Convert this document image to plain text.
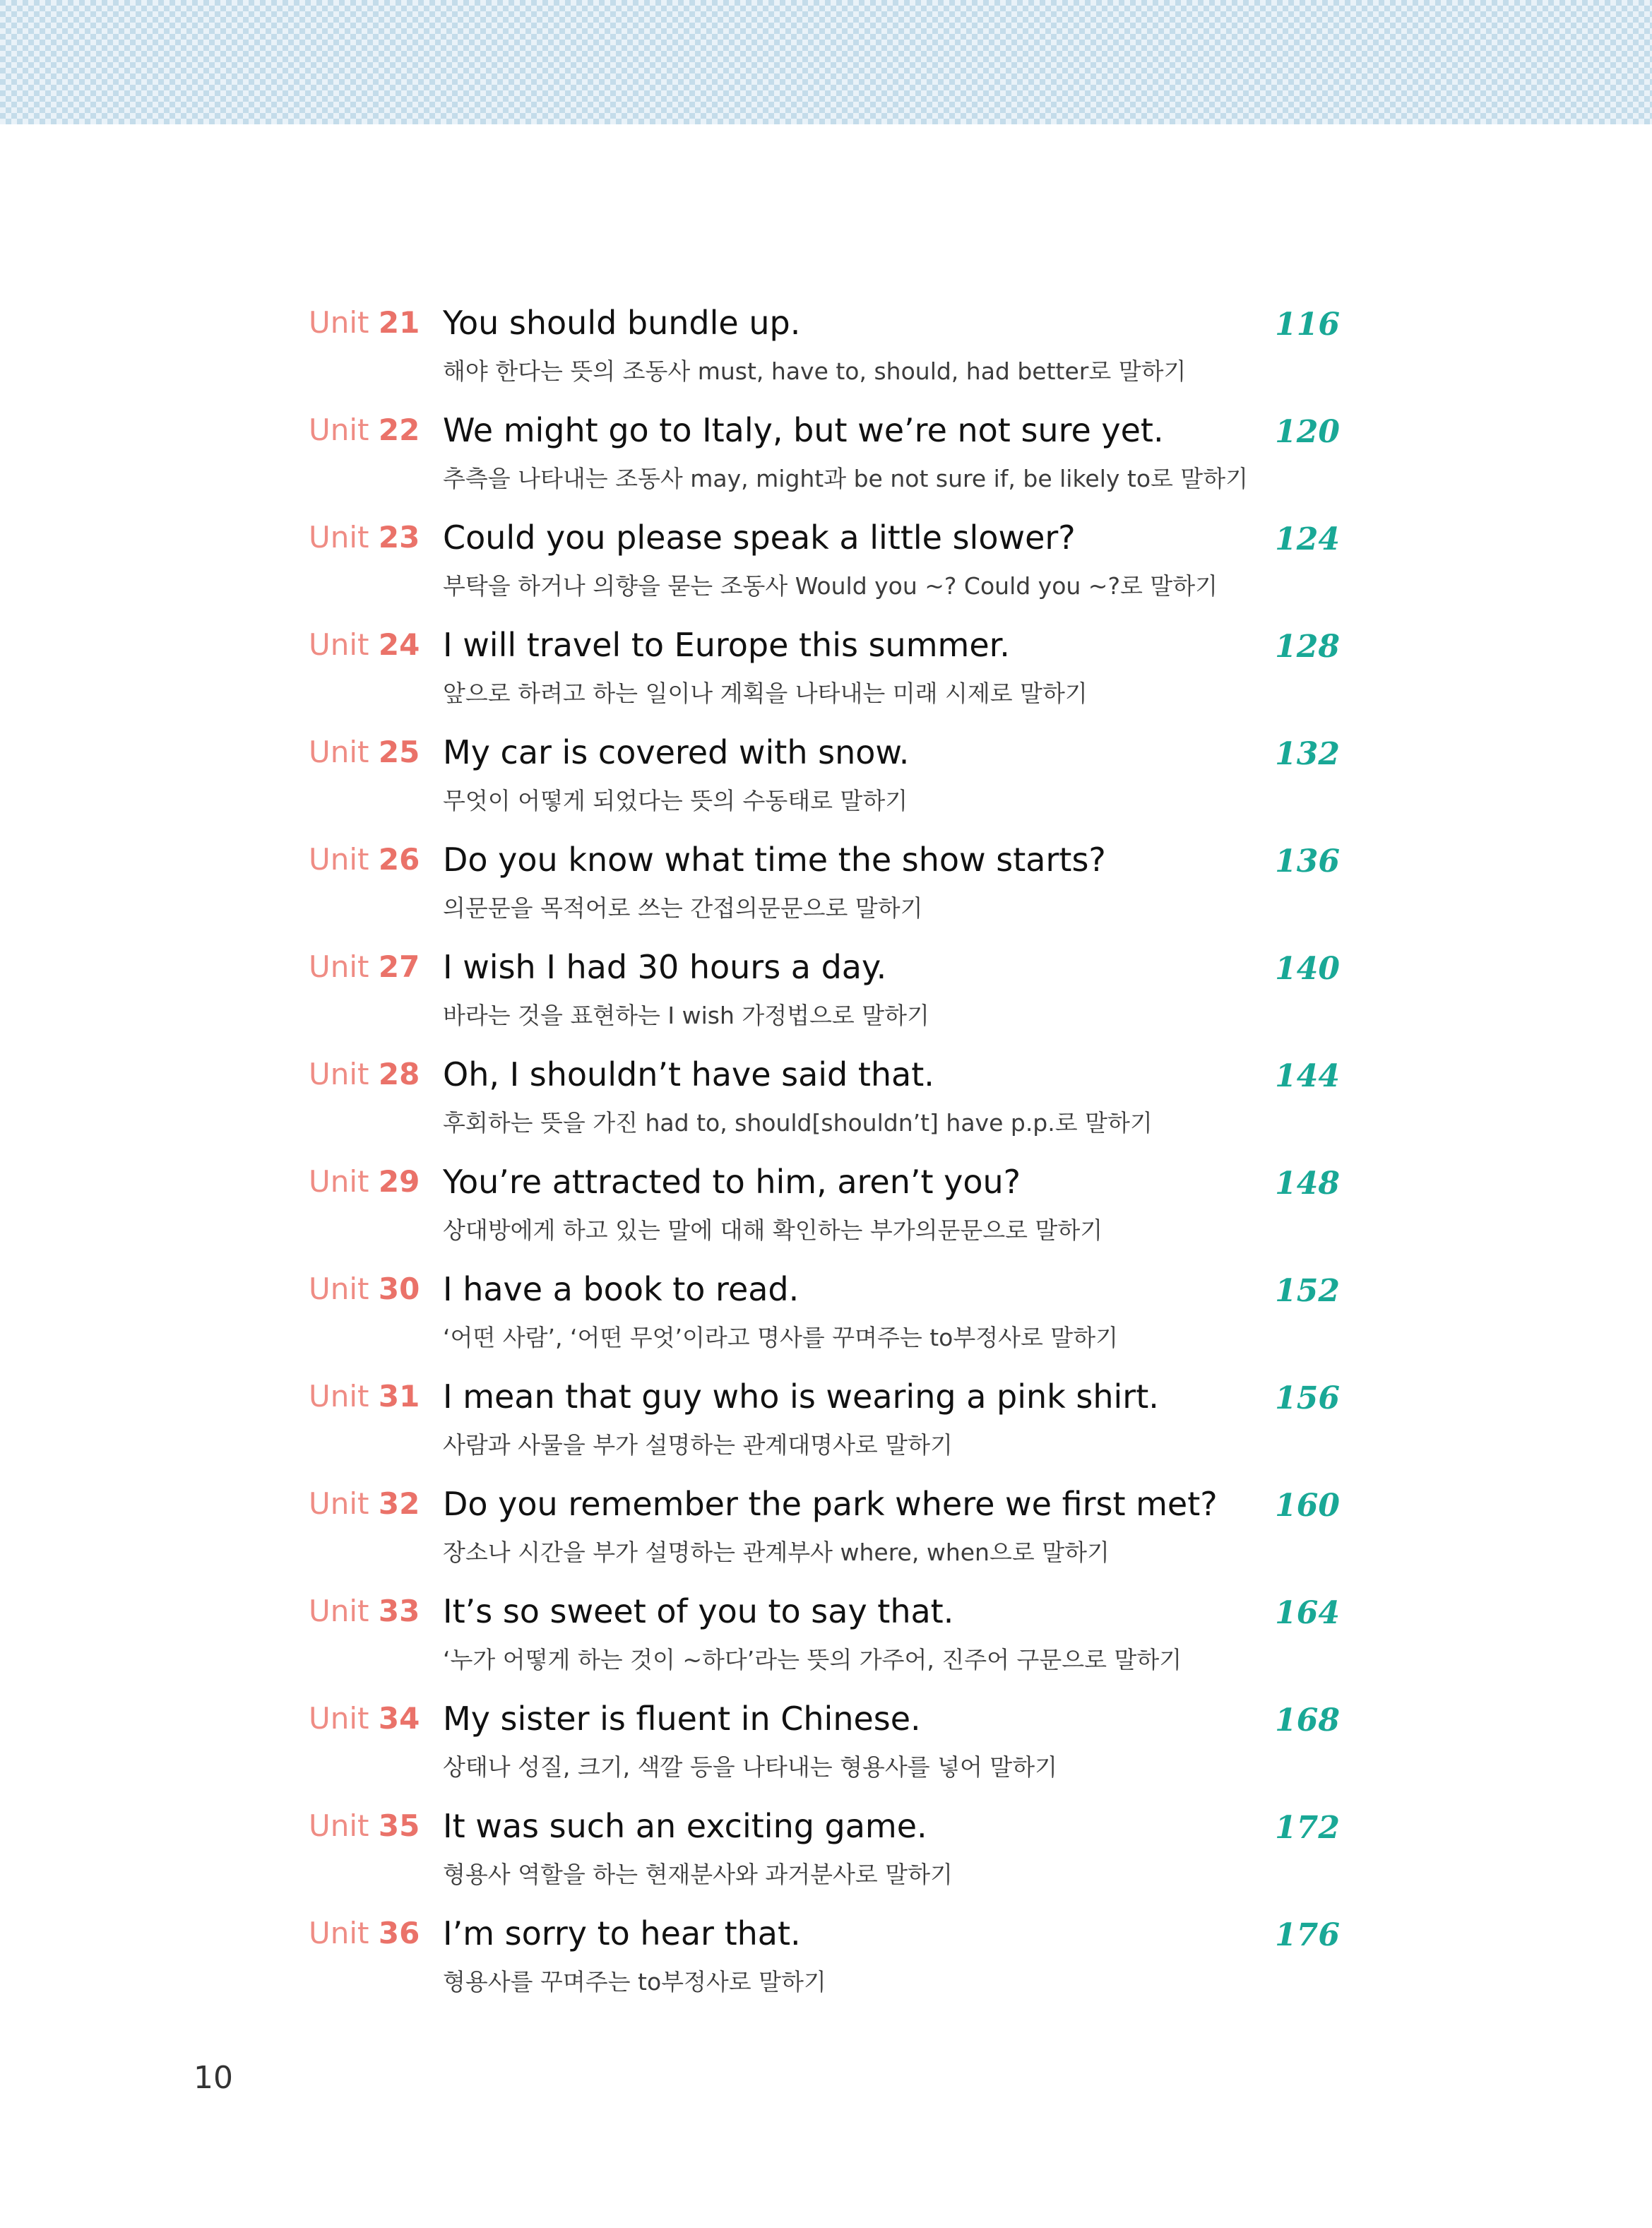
Unit 21 You should bundle up.
해야 한다는 뜻의 조동사 must, have to, should, had better로 말하기
116
Unit 22 We might go to Italy, but we’re not sure yet.
추측을 나타내는 조동사 may, might과 be not sure if, be likely to로 말하기
120
Unit 23 Could you please speak a little slower?
부탁을 하거나 의향을 묻는 조동사 Would you ~? Could you ~?로 말하기
124
Unit 24 I will travel to Europe this summer.
앞으로 하려고 하는 일이나 계획을 나타내는 미래 시제로 말하기
128
Unit 25 My car is covered with snow.
무엇이 어떻게 되었다는 뜻의 수동태로 말하기
132
Unit 26 Do you know what time the show starts?
의문문을 목적어로 쓰는 간접의문문으로 말하기
136
Unit 27 I wish I had 30 hours a day.
바라는 것을 표현하는 I wish 가정법으로 말하기
140
Unit 28 Oh, I shouldn’t have said that.
후회하는 뜻을 가진 had to, should[shouldn’t] have p.p.로 말하기
144
Unit 29 You’re attracted to him, aren’t you?
상대방에게 하고 있는 말에 대해 확인하는 부가의문문으로 말하기
148
Unit 30 I have a book to read.
‘어떤 사람’, ‘어떤 무엇’이라고 명사를 꾸며주는 to부정사로 말하기
152
Unit 31 I mean that guy who is wearing a pink shirt.
사람과 사물을 부가 설명하는 관계대명사로 말하기
156
Unit 32 Do you remember the park where we first met?
장소나 시간을 부가 설명하는 관계부사 where, when으로 말하기
160
Unit 33 It’s so sweet of you to say that.
‘누가 어떻게 하는 것이 ~하다’라는 뜻의 가주어, 진주어 구문으로 말하기
164
Unit 34 My sister is fluent in Chinese.
상태나 성질, 크기, 색깔 등을 나타내는 형용사를 넣어 말하기
168
Unit 35 It was such an exciting game.
형용사 역할을 하는 현재분사와 과거분사로 말하기
172
Unit 36 I’m sorry to hear that.
형용사를 꾸며주는 to부정사로 말하기
176
10
